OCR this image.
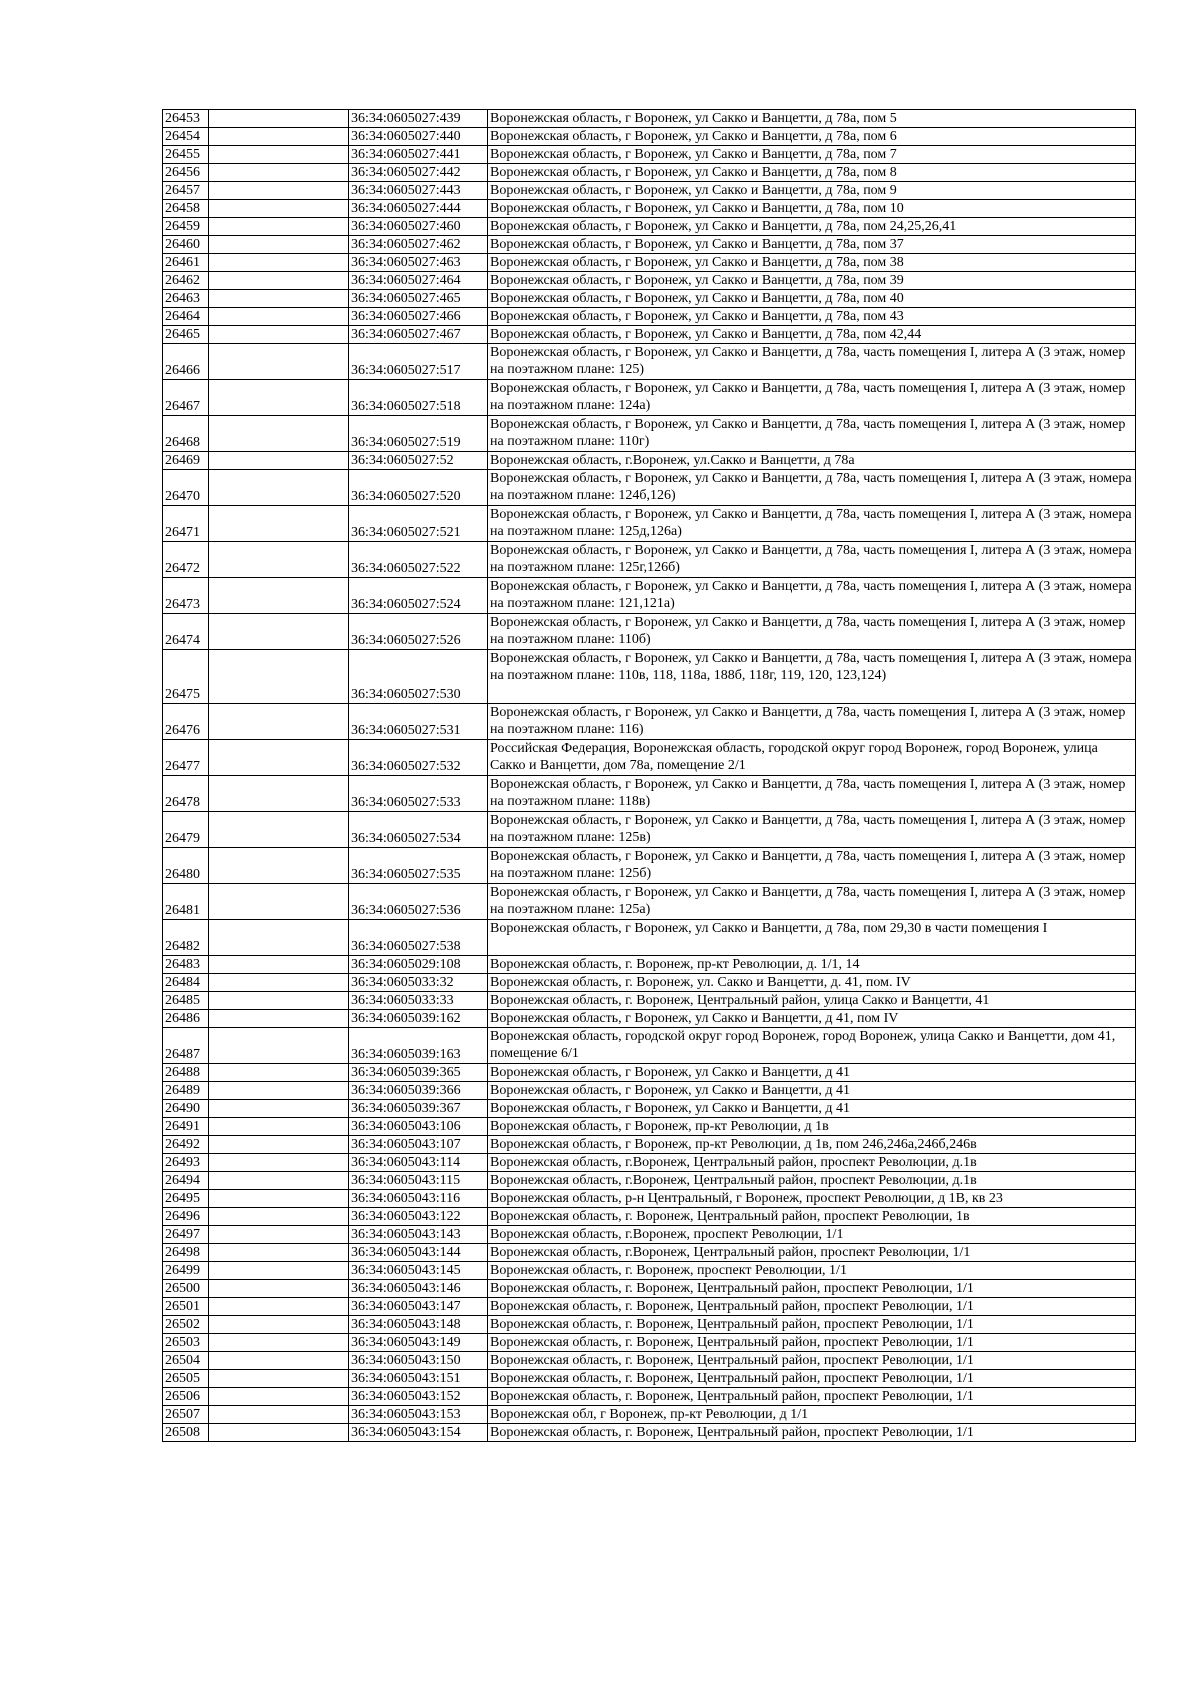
26453		36:34:0605027:439	Воронежская область, г Воронеж, ул Сакко и Ванцетти, д 78а, пом 5
26454		36:34:0605027:440	Воронежская область, г Воронеж, ул Сакко и Ванцетти, д 78а, пом 6
26455		36:34:0605027:441	Воронежская область, г Воронеж, ул Сакко и Ванцетти, д 78а, пом 7
26456		36:34:0605027:442	Воронежская область, г Воронеж, ул Сакко и Ванцетти, д 78а, пом 8
26457		36:34:0605027:443	Воронежская область, г Воронеж, ул Сакко и Ванцетти, д 78а, пом 9
26458		36:34:0605027:444	Воронежская область, г Воронеж, ул Сакко и Ванцетти, д 78а, пом 10
26459		36:34:0605027:460	Воронежская область, г Воронеж, ул Сакко и Ванцетти, д 78а, пом 24,25,26,41
26460		36:34:0605027:462	Воронежская область, г Воронеж, ул Сакко и Ванцетти, д 78а, пом 37
26461		36:34:0605027:463	Воронежская область, г Воронеж, ул Сакко и Ванцетти, д 78а, пом 38
26462		36:34:0605027:464	Воронежская область, г Воронеж, ул Сакко и Ванцетти, д 78а, пом 39
26463		36:34:0605027:465	Воронежская область, г Воронеж, ул Сакко и Ванцетти, д 78а, пом 40
26464		36:34:0605027:466	Воронежская область, г Воронеж, ул Сакко и Ванцетти, д 78а, пом 43
26465		36:34:0605027:467	Воронежская область, г Воронеж, ул Сакко и Ванцетти, д 78а, пом 42,44
26466		36:34:0605027:517	Воронежская область, г Воронеж, ул Сакко и Ванцетти, д 78а, часть помещения I, литера А (3 этаж, номер на поэтажном плане: 125)
26467		36:34:0605027:518	Воронежская область, г Воронеж, ул Сакко и Ванцетти, д 78а, часть помещения I, литера А (3 этаж, номер на поэтажном плане: 124а)
26468		36:34:0605027:519	Воронежская область, г Воронеж, ул Сакко и Ванцетти, д 78а, часть помещения I, литера А (3 этаж, номер на поэтажном плане: 110г)
26469		36:34:0605027:52	Воронежская область, г.Воронеж, ул.Сакко и Ванцетти, д 78а
26470		36:34:0605027:520	Воронежская область, г Воронеж, ул Сакко и Ванцетти, д 78а, часть помещения I, литера А (3 этаж, номера на поэтажном плане: 124б,126)
26471		36:34:0605027:521	Воронежская область, г Воронеж, ул Сакко и Ванцетти, д 78а, часть помещения I, литера А (3 этаж, номера на поэтажном плане: 125д,126а)
26472		36:34:0605027:522	Воронежская область, г Воронеж, ул Сакко и Ванцетти, д 78а, часть помещения I, литера А (3 этаж, номера на поэтажном плане: 125г,126б)
26473		36:34:0605027:524	Воронежская область, г Воронеж, ул Сакко и Ванцетти, д 78а, часть помещения I, литера А (3 этаж, номера на поэтажном плане: 121,121а)
26474		36:34:0605027:526	Воронежская область, г Воронеж, ул Сакко и Ванцетти, д 78а, часть помещения I, литера А (3 этаж, номер на поэтажном плане: 110б)
26475		36:34:0605027:530	Воронежская область, г Воронеж, ул Сакко и Ванцетти, д 78а, часть помещения I, литера А (3 этаж, номера на поэтажном плане: 110в, 118, 118а, 188б, 118г, 119, 120, 123,124)
26476		36:34:0605027:531	Воронежская область, г Воронеж, ул Сакко и Ванцетти, д 78а, часть помещения I, литера А (3 этаж, номер на поэтажном плане: 116)
26477		36:34:0605027:532	Российская Федерация, Воронежская область, городской округ город Воронеж, город Воронеж, улица Сакко и Ванцетти, дом 78а, помещение 2/1
26478		36:34:0605027:533	Воронежская область, г Воронеж, ул Сакко и Ванцетти, д 78а, часть помещения I, литера А (3 этаж, номер на поэтажном плане: 118в)
26479		36:34:0605027:534	Воронежская область, г Воронеж, ул Сакко и Ванцетти, д 78а, часть помещения I, литера А (3 этаж, номер на поэтажном плане: 125в)
26480		36:34:0605027:535	Воронежская область, г Воронеж, ул Сакко и Ванцетти, д 78а, часть помещения I, литера А (3 этаж, номер на поэтажном плане: 125б)
26481		36:34:0605027:536	Воронежская область, г Воронеж, ул Сакко и Ванцетти, д 78а, часть помещения I, литера А (3 этаж, номер на поэтажном плане: 125а)
26482		36:34:0605027:538	Воронежская область, г Воронеж, ул Сакко и Ванцетти, д 78а, пом 29,30 в части помещения I
26483		36:34:0605029:108	Воронежская область, г. Воронеж, пр-кт Революции, д. 1/1, 14
26484		36:34:0605033:32	Воронежская область, г. Воронеж, ул. Сакко и Ванцетти, д. 41, пом. IV
26485		36:34:0605033:33	Воронежская область, г. Воронеж, Центральный район, улица Сакко и Ванцетти, 41
26486		36:34:0605039:162	Воронежская область, г Воронеж, ул Сакко и Ванцетти, д 41, пом IV
26487		36:34:0605039:163	Воронежская область, городской округ город Воронеж, город Воронеж, улица Сакко и Ванцетти, дом 41, помещение 6/1
26488		36:34:0605039:365	Воронежская область, г Воронеж, ул Сакко и Ванцетти, д 41
26489		36:34:0605039:366	Воронежская область, г Воронеж, ул Сакко и Ванцетти, д 41
26490		36:34:0605039:367	Воронежская область, г Воронеж, ул Сакко и Ванцетти, д 41
26491		36:34:0605043:106	Воронежская область, г Воронеж, пр-кт Революции, д 1в
26492		36:34:0605043:107	Воронежская область, г Воронеж, пр-кт Революции, д 1в, пом 246,246а,246б,246в
26493		36:34:0605043:114	Воронежская область, г.Воронеж, Центральный район, проспект Революции, д.1в
26494		36:34:0605043:115	Воронежская область, г.Воронеж, Центральный район, проспект Революции, д.1в
26495		36:34:0605043:116	Воронежская область, р-н Центральный, г Воронеж, проспект Революции, д 1В, кв 23
26496		36:34:0605043:122	Воронежская область, г. Воронеж, Центральный район, проспект Революции, 1в
26497		36:34:0605043:143	Воронежская область, г.Воронеж, проспект Революции, 1/1
26498		36:34:0605043:144	Воронежская область, г.Воронеж, Центральный район, проспект Революции, 1/1
26499		36:34:0605043:145	Воронежская область, г. Воронеж, проспект Революции, 1/1
26500		36:34:0605043:146	Воронежская область, г. Воронеж, Центральный район, проспект Революции, 1/1
26501		36:34:0605043:147	Воронежская область, г. Воронеж, Центральный район, проспект Революции, 1/1
26502		36:34:0605043:148	Воронежская область, г. Воронеж, Центральный район, проспект Революции, 1/1
26503		36:34:0605043:149	Воронежская область, г. Воронеж, Центральный район, проспект Революции, 1/1
26504		36:34:0605043:150	Воронежская область, г. Воронеж, Центральный район, проспект Революции, 1/1
26505		36:34:0605043:151	Воронежская область, г. Воронеж, Центральный район, проспект Революции, 1/1
26506		36:34:0605043:152	Воронежская область, г. Воронеж, Центральный район, проспект Революции, 1/1
26507		36:34:0605043:153	Воронежская обл, г Воронеж, пр-кт Революции, д 1/1
26508		36:34:0605043:154	Воронежская область, г. Воронеж, Центральный район, проспект Революции, 1/1
